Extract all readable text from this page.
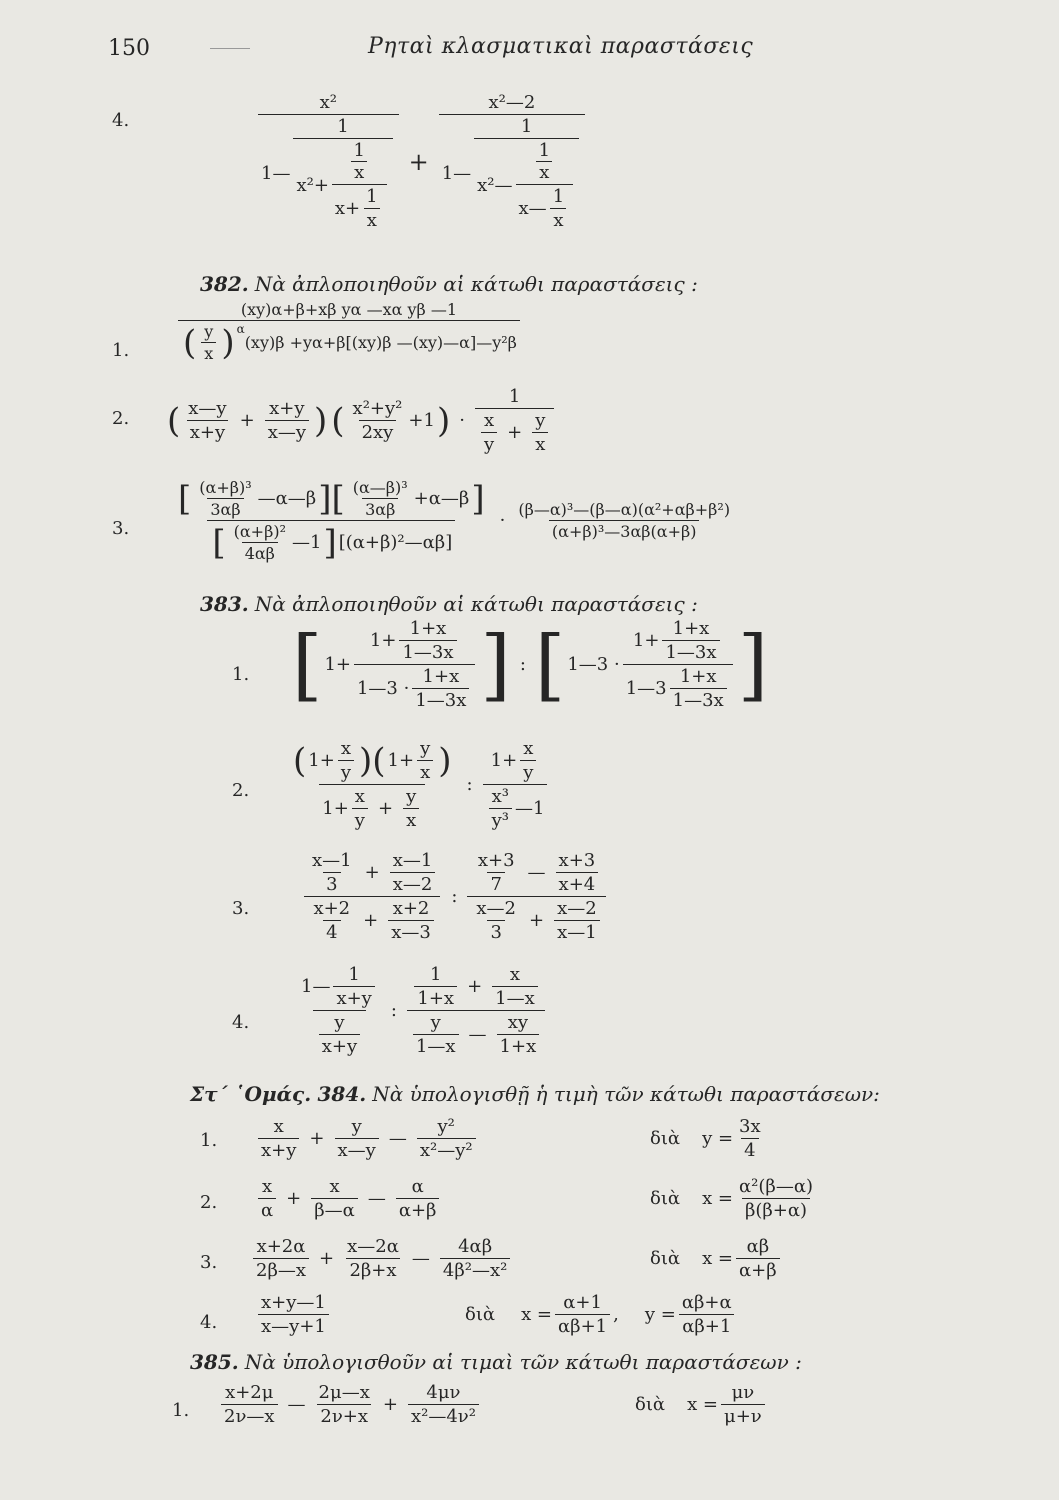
150	Ρηταὶ κλασματικαὶ παραστάσεις
4.
x²
1—
1
x²+ 1
x
$x+ \frac{1}{x}$ +
x²—2
1—
1
x²— 1
x
x— $\frac{1}{x}$
382. Νὰ ἀπλοποιηθοῦν αἱ κάτωθι παραστάσεις :
1.
(xy)α+β+xβ yα —xα yβ —1
( $\frac{y}{x}$ ) α
(xy)β +yα+β[(xy)β —(xy)—α]—y²β
2. ( $\frac{x—y}{x+y} + \frac{x+y}{x—y}$ ) ( $\frac{\text{x²+y²}}{2xy} +1$ ) · $\frac{1}{\frac{x}{y} + \frac{y}{x}}$
3.
[ $\frac{\text{(α+β)³}}{3\alpha\beta}$ —α—β ][ $\frac{\text{(α—β)³}}{3\alpha\beta}$ +α—β ]
[ $\frac{\text{(α+β)²}}{4\alpha\beta}$ —1 ] [(α+β)²—αβ]
· $\frac{\text{(β—α)³—(β—α)(α²+αβ+β²)}}{\text{(α+β)³—3αβ(α+β)}}$
383. Νὰ ἀπλοποιηθοῦν αἱ κάτωθι παραστάσεις :
1. [ $1+ \frac{1+ \frac{1+x}{1—3x}}{1—3 \cdot \frac{1+x}{1—3x}}$ ] : [ 1—3 · $\frac{1+ \frac{1+x}{1—3x}}{1—3 \frac{1+x}{1—3x}}$ ]
2.
( $1+ \frac{x}{y}$ )( $1+ \frac{y}{x}$ )
$1+ \frac{x}{y} + \frac{y}{x}$
: $\frac{1+ \frac{x}{y}}{\frac{\text{x³}}{\text{y³}} —1}$
3.	$\frac{\frac{x—1}{3} + \frac{x—1}{x—2}}{\frac{x+2}{4} + \frac{x+2}{x—3}}$ : $\frac{\frac{x+3}{7} — \frac{x+3}{x+4}}{\frac{x—2}{3} + \frac{x—2}{x—1}}$
4.	$\frac{1— \frac{1}{x+y}}{\frac{y}{x+y}}$ : $\frac{\frac{1}{1+x} + \frac{x}{1—x}}{\frac{y}{1—x} — \frac{xy}{1+x}}$
Στ´ ῾Ομάς. 384. Νὰ ὑπολογισθῇ ἡ τιμὴ τῶν κάτωθι παραστάσεων:
1. $\frac{x}{x+y} + \frac{y}{x—y}$ — $\frac{\text{y²}}{\text{x²—y²}}$	διὰ $y = \frac{3x}{4}$
2. $\frac{x}{\alpha} + \frac{x}{\beta—\alpha}$ — $\frac{\alpha}{\alpha+\beta}$	διὰ $x = \frac{\text{α²(β—α)}}{\beta(\beta+\alpha)}$
3. $\frac{x+2\alpha}{2\beta—x} + \frac{x—2\alpha}{2\beta+x}$ — $\frac{4\alpha\beta}{\text{4β²—x²}}$	διὰ $x = \frac{\alpha\beta}{\alpha+\beta}$
4. $\frac{x+y—1}{x—y+1}$	διὰ $x = \frac{\alpha+1}{\alpha\beta+1}$ , $y = \frac{\alpha\beta+\alpha}{\alpha\beta+1}$
385. Νὰ ὑπολογισθοῦν αἱ τιμαὶ τῶν κάτωθι παραστάσεων :
1. $\frac{x+2\mu}{2\nu—x}$ — $\frac{2\mu—x}{2\nu+x} + \frac{4\mu\nu}{\text{x²—4ν²}}$	διὰ $x = \frac{\mu\nu}{\mu+\nu}$
